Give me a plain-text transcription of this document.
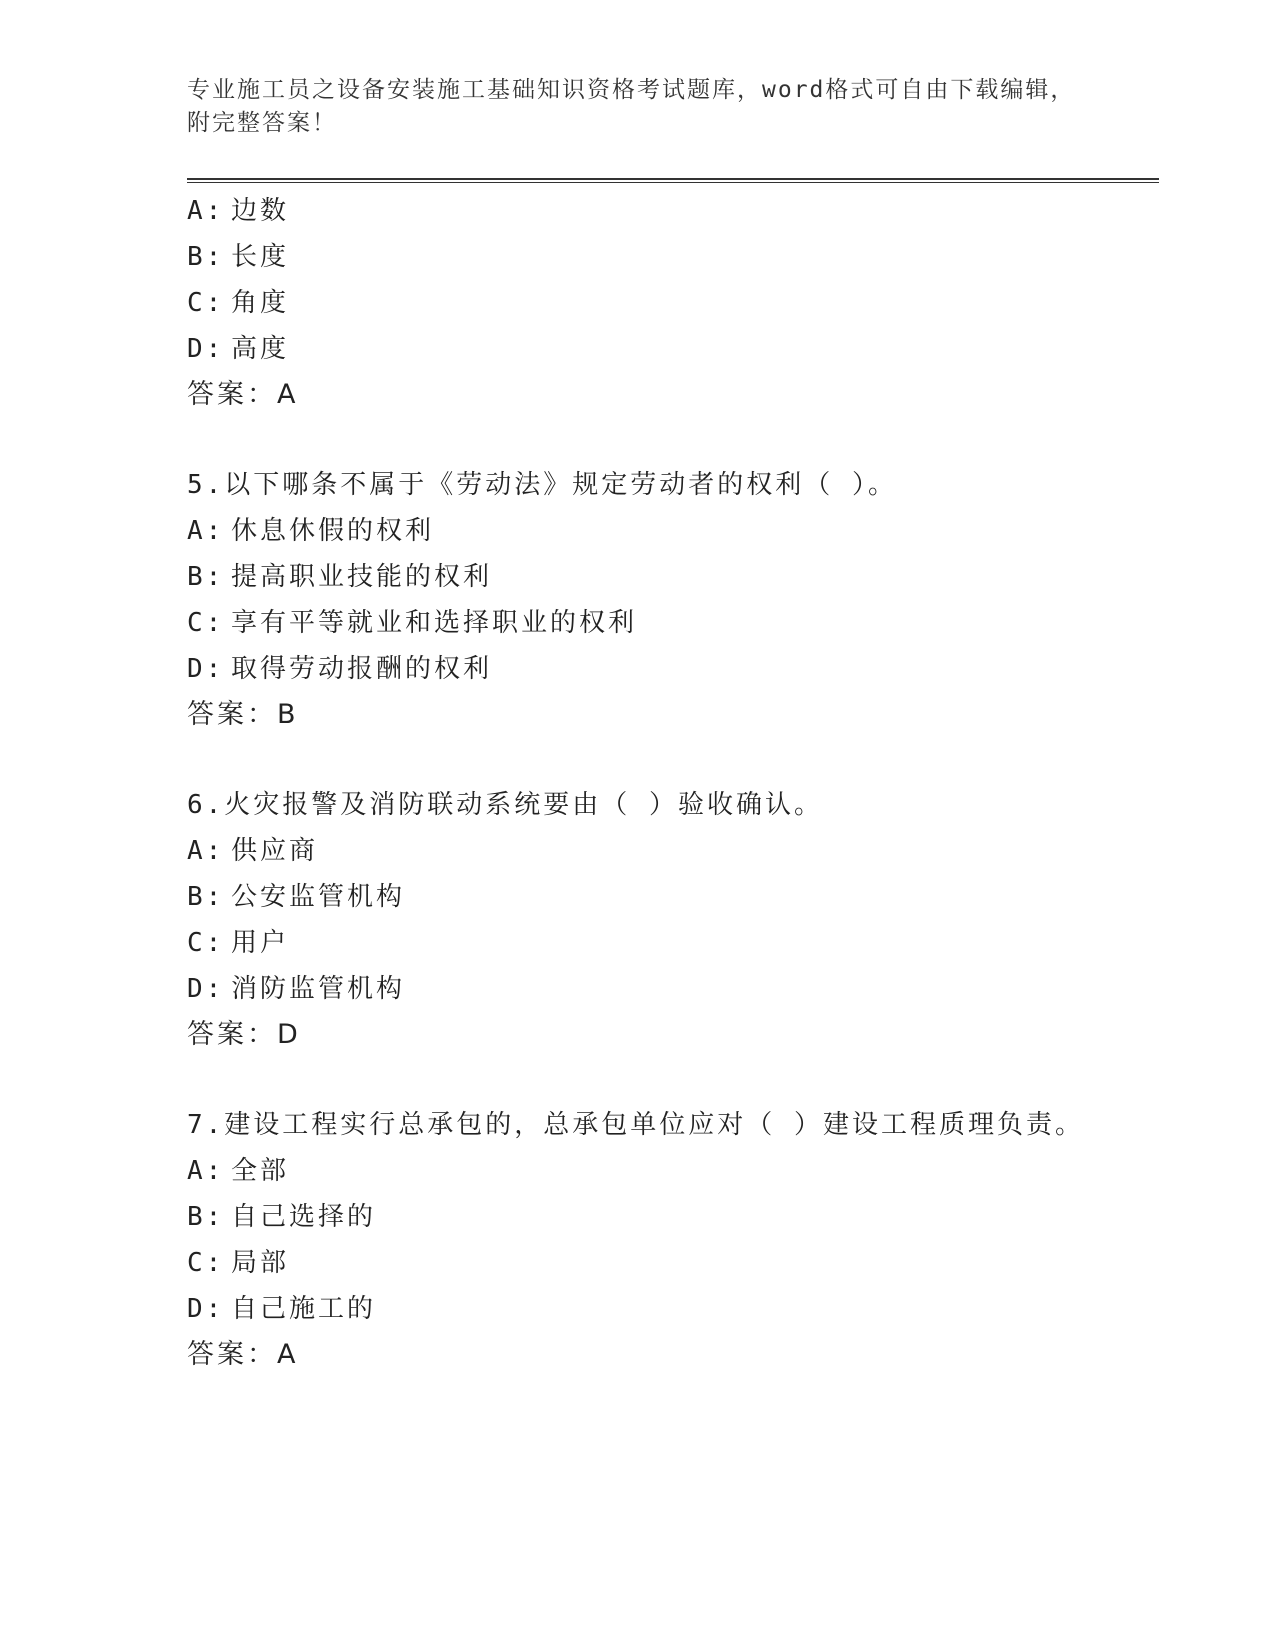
专业施工员之设备安装施工基础知识资格考试题库，word格式可自由下载编辑，
附完整答案！
A: 边数
B: 长度
C: 角度
D: 高度
答案：A
5.以下哪条不属于《劳动法》规定劳动者的权利（ ）。
A: 休息休假的权利
B: 提高职业技能的权利
C: 享有平等就业和选择职业的权利
D: 取得劳动报酬的权利
答案：B
6.火灾报警及消防联动系统要由（ ）验收确认。
A: 供应商
B: 公安监管机构
C: 用户
D: 消防监管机构
答案：D
7.建设工程实行总承包的，总承包单位应对（ ）建设工程质理负责。
A: 全部
B: 自己选择的
C: 局部
D: 自己施工的
答案：A
